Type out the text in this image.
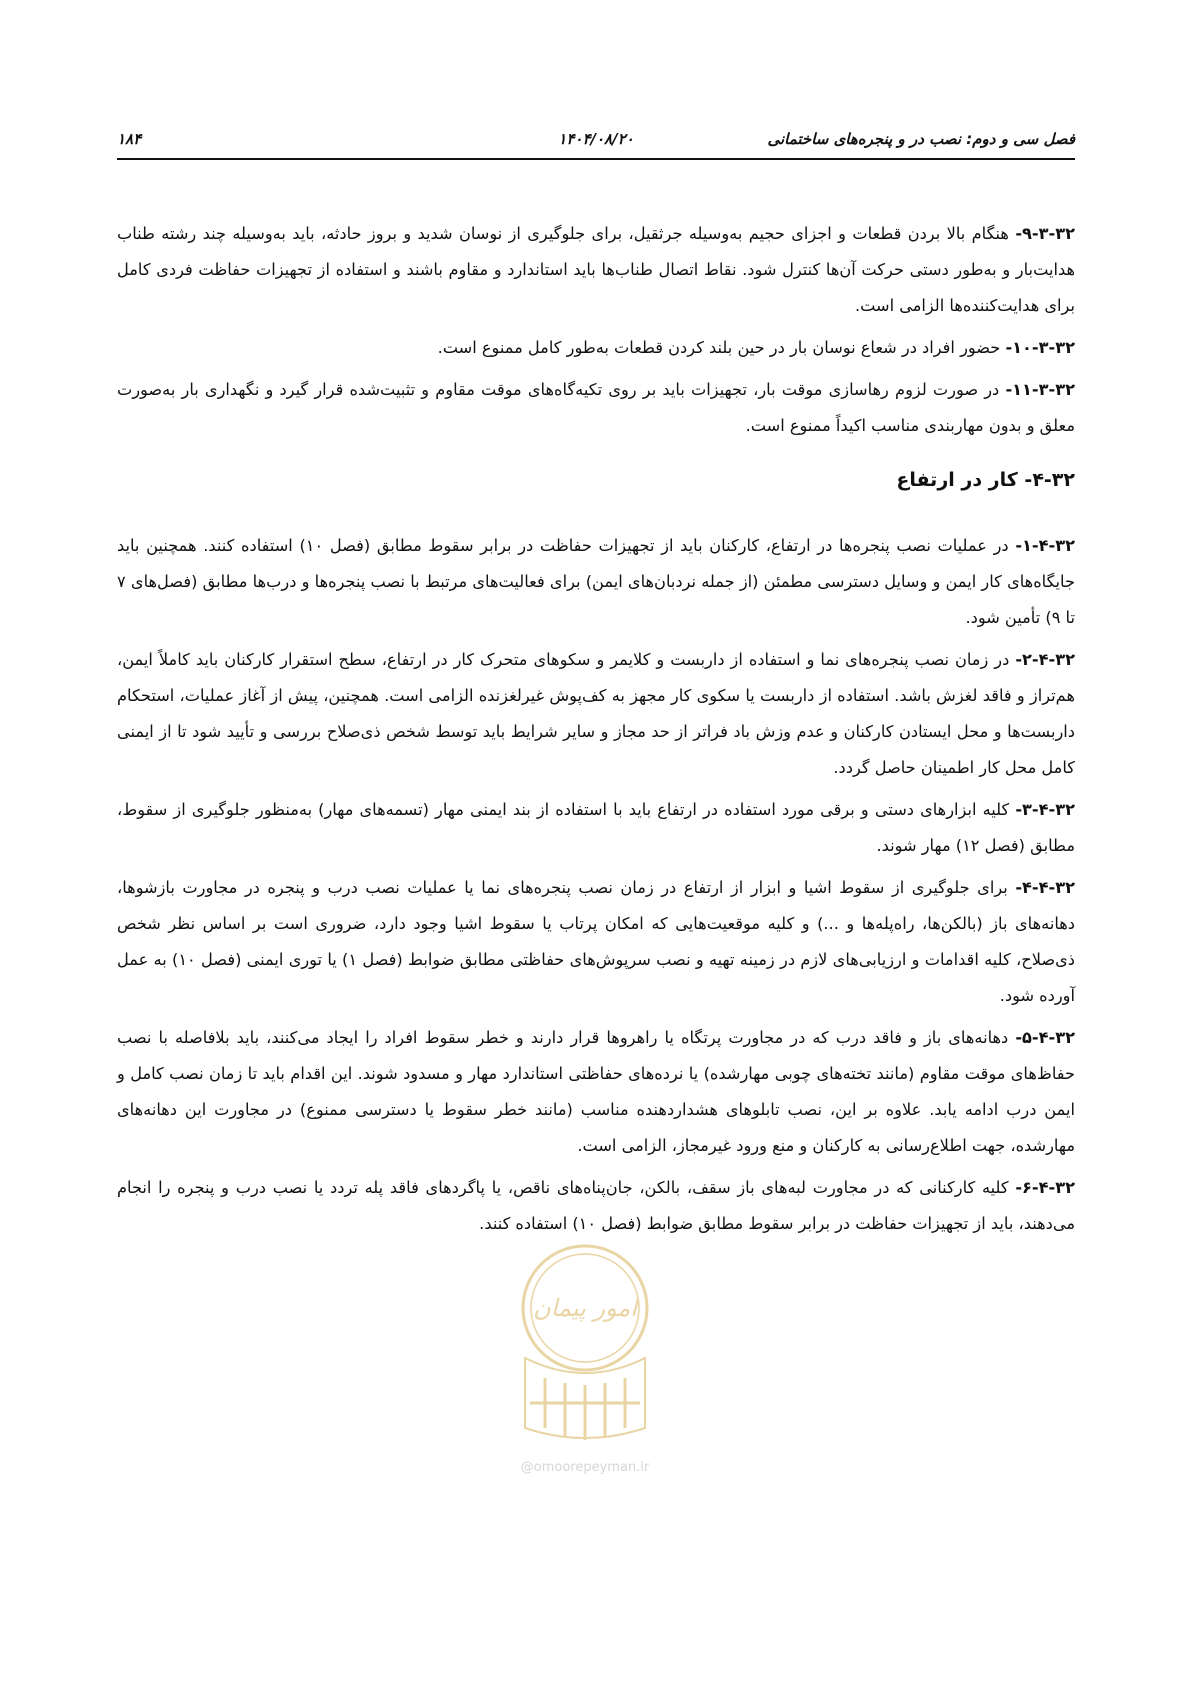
فصل سی و دوم: نصب در و پنجره‌های ساختمانی
۱۴۰۴/۰۸/۲۰
۱۸۴

۹-۳-۳۲- هنگام بالا بردن قطعات و اجزای حجیم به‌وسیله جرثقیل، برای جلوگیری از نوسان شدید و بروز حادثه، باید به‌وسیله چند رشته طناب هدایت‌بار و به‌طور دستی حرکت آن‌ها کنترل شود. نقاط اتصال طناب‌ها باید استاندارد و مقاوم باشند و استفاده از تجهیزات حفاظت فردی کامل برای هدایت‌کننده‌ها الزامی است.

۱۰-۳-۳۲- حضور افراد در شعاع نوسان بار در حین بلند کردن قطعات به‌طور کامل ممنوع است.

۱۱-۳-۳۲- در صورت لزوم رهاسازی موقت بار، تجهیزات باید بر روی تکیه‌گاه‌های موقت مقاوم و تثبیت‌شده قرار گیرد و نگهداری بار به‌صورت معلق و بدون مهاربندی مناسب اکیداً ممنوع است.

۴-۳۲- کار در ارتفاع

۱-۴-۳۲- در عملیات نصب پنجره‌ها در ارتفاع، کارکنان باید از تجهیزات حفاظت در برابر سقوط مطابق (فصل ۱۰) استفاده کنند. همچنین باید جایگاه‌های کار ایمن و وسایل دسترسی مطمئن (از جمله نردبان‌های ایمن) برای فعالیت‌های مرتبط با نصب پنجره‌ها و درب‌ها مطابق (فصل‌های ۷ تا ۹) تأمین شود.

۲-۴-۳۲- در زمان نصب پنجره‌های نما و استفاده از داربست و کلایمر و سکوهای متحرک کار در ارتفاع، سطح استقرار کارکنان باید کاملاً ایمن، هم‌تراز و فاقد لغزش باشد. استفاده از داربست یا سکوی کار مجهز به کف‌پوش غیرلغزنده الزامی است. همچنین، پیش از آغاز عملیات، استحکام داربست‌ها و محل ایستادن کارکنان و عدم وزش باد فراتر از حد مجاز و سایر شرایط باید توسط شخص ذی‌صلاح بررسی و تأیید شود تا از ایمنی کامل محل کار اطمینان حاصل گردد.

۳-۴-۳۲- کلیه ابزارهای دستی و برقی مورد استفاده در ارتفاع باید با استفاده از بند ایمنی مهار (تسمه‌های مهار) به‌منظور جلوگیری از سقوط، مطابق (فصل ۱۲) مهار شوند.

۴-۴-۳۲- برای جلوگیری از سقوط اشیا و ابزار از ارتفاع در زمان نصب پنجره‌های نما یا عملیات نصب درب و پنجره در مجاورت بازشوها، دهانه‌های باز (بالکن‌ها، راه‌پله‌ها و ...) و کلیه موقعیت‌هایی که امکان پرتاب یا سقوط اشیا وجود دارد، ضروری است بر اساس نظر شخص ذی‌صلاح، کلیه اقدامات و ارزیابی‌های لازم در زمینه تهیه و نصب سرپوش‌های حفاظتی مطابق ضوابط (فصل ۱) یا توری ایمنی (فصل ۱۰) به عمل آورده شود.

۵-۴-۳۲- دهانه‌های باز و فاقد درب که در مجاورت پرتگاه یا راهروها قرار دارند و خطر سقوط افراد را ایجاد می‌کنند، باید بلافاصله با نصب حفاظ‌های موقت مقاوم (مانند تخته‌های چوبی مهارشده) یا نرده‌های حفاظتی استاندارد مهار و مسدود شوند. این اقدام باید تا زمان نصب کامل و ایمن درب ادامه یابد. علاوه بر این، نصب تابلوهای هشداردهنده مناسب (مانند خطر سقوط یا دسترسی ممنوع) در مجاورت این دهانه‌های مهارشده، جهت اطلاع‌رسانی به کارکنان و منع ورود غیرمجاز، الزامی است.

۶-۴-۳۲- کلیه کارکنانی که در مجاورت لبه‌های باز سقف، بالکن، جان‌پناه‌های ناقص، یا پاگردهای فاقد پله تردد یا نصب درب و پنجره را انجام می‌دهند، باید از تجهیزات حفاظت در برابر سقوط مطابق ضوابط (فصل ۱۰) استفاده کنند.

امور پیمان
@omoorepeyman.ir
